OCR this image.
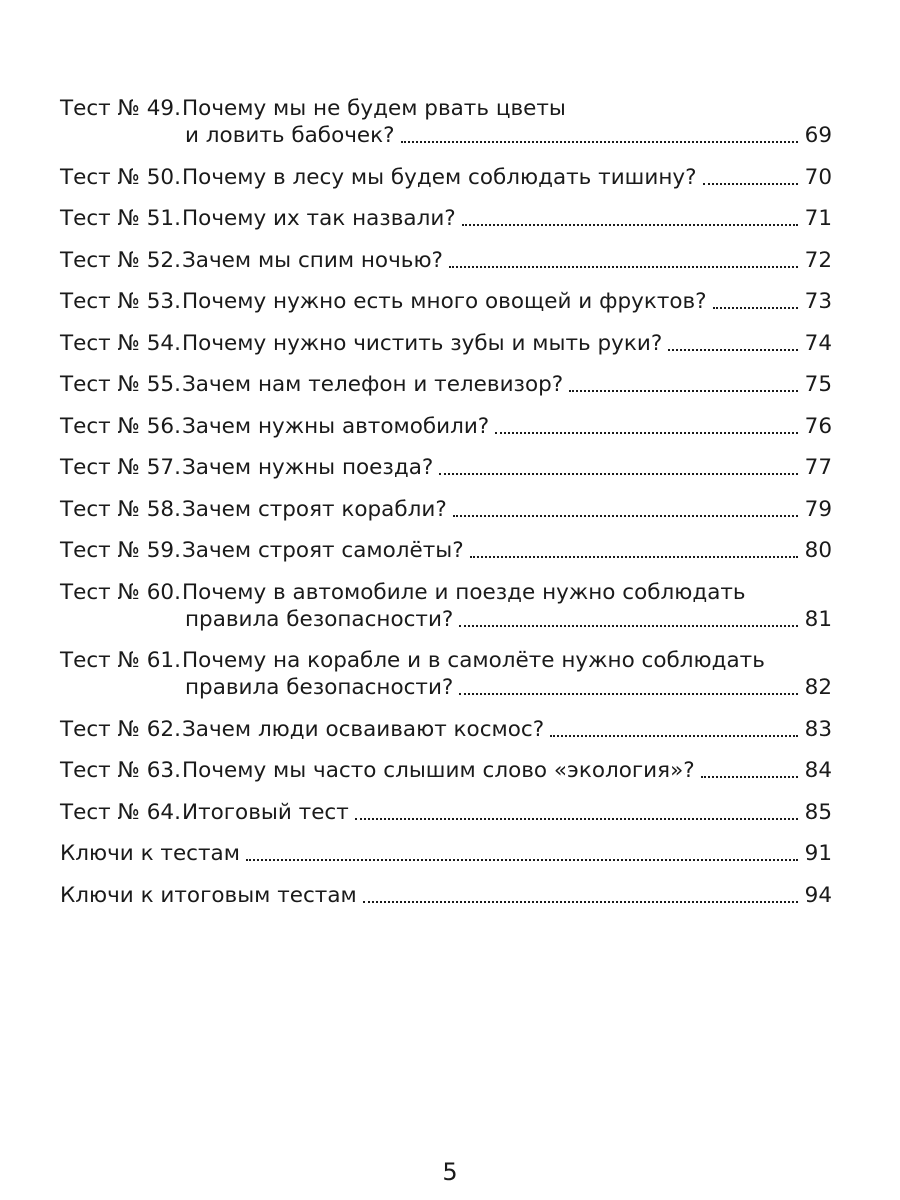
Тест № 49. Почему мы не будем рвать цветы
и ловить бабочек?	69
Тест № 50. Почему в лесу мы будем соблюдать тишину?	70
Тест № 51. Почему их так назвали?	71
Тест № 52. Зачем мы спим ночью?	72
Тест № 53. Почему нужно есть много овощей и фруктов?	73
Тест № 54. Почему нужно чистить зубы и мыть руки?	74
Тест № 55. Зачем нам телефон и телевизор?	75
Тест № 56. Зачем нужны автомобили?	76
Тест № 57. Зачем нужны поезда?	77
Тест № 58. Зачем строят корабли?	79
Тест № 59. Зачем строят самолёты?	80
Тест № 60. Почему в автомобиле и поезде нужно соблюдать
правила безопасности?	81
Тест № 61. Почему на корабле и в самолёте нужно соблюдать
правила безопасности?	82
Тест № 62. Зачем люди осваивают космос?	83
Тест № 63. Почему мы часто слышим слово «экология»?	84
Тест № 64. Итоговый тест	85
Ключи к тестам	91
Ключи к итоговым тестам	94
5
